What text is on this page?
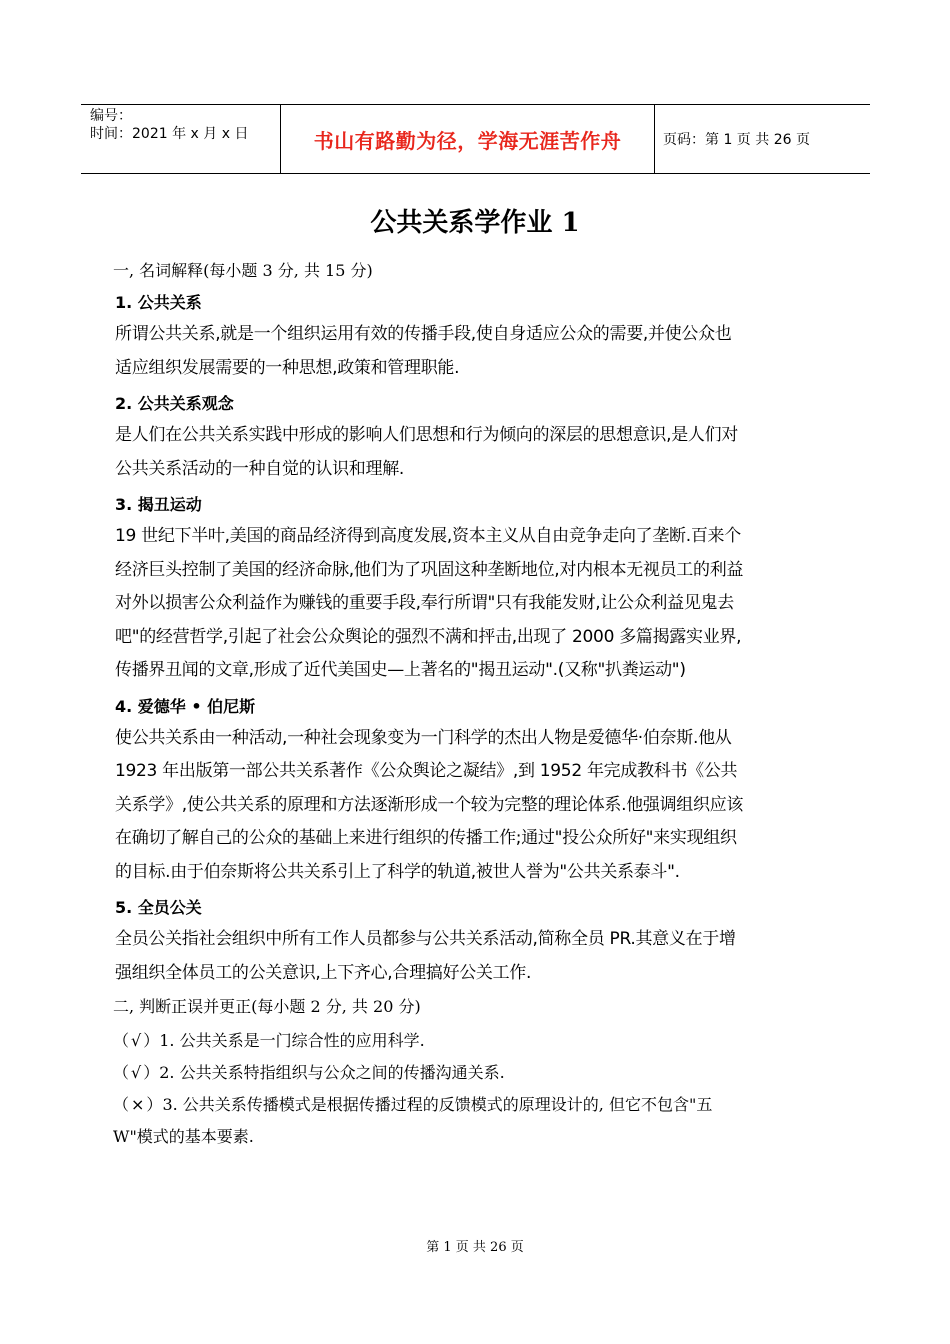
编号：
时间：2021 年 x 月 x 日	书山有路勤为径，学海无涯苦作舟	页码：第 1 页 共 26 页
公共关系学作业 1
一, 名词解释(每小题 3 分, 共 15 分)
1. 公共关系
所谓公共关系,就是一个组织运用有效的传播手段,使自身适应公众的需要,并使公众也
适应组织发展需要的一种思想,政策和管理职能.
2. 公共关系观念
是人们在公共关系实践中形成的影响人们思想和行为倾向的深层的思想意识,是人们对
公共关系活动的一种自觉的认识和理解.
3. 揭丑运动
19 世纪下半叶,美国的商品经济得到高度发展,资本主义从自由竞争走向了垄断.百来个
经济巨头控制了美国的经济命脉,他们为了巩固这种垄断地位,对内根本无视员工的利益
对外以损害公众利益作为赚钱的重要手段,奉行所谓"只有我能发财,让公众利益见鬼去
吧"的经营哲学,引起了社会公众舆论的强烈不满和抨击,出现了 2000 多篇揭露实业界,
传播界丑闻的文章,形成了近代美国史—上著名的"揭丑运动".(又称"扒粪运动")
4. 爱德华 • 伯尼斯
使公共关系由一种活动,一种社会现象变为一门科学的杰出人物是爱德华·伯奈斯.他从
1923 年出版第一部公共关系著作《公众舆论之凝结》,到 1952 年完成教科书《公共
关系学》,使公共关系的原理和方法逐渐形成一个较为完整的理论体系.他强调组织应该
在确切了解自己的公众的基础上来进行组织的传播工作;通过"投公众所好"来实现组织
的目标.由于伯奈斯将公共关系引上了科学的轨道,被世人誉为"公共关系泰斗".
5. 全员公关
全员公关指社会组织中所有工作人员都参与公共关系活动,简称全员 PR.其意义在于增
强组织全体员工的公关意识,上下齐心,合理搞好公关工作.
二, 判断正误并更正(每小题 2 分, 共 20 分)
（ √ ）1. 公共关系是一门综合性的应用科学.
（ √ ）2. 公共关系特指组织与公众之间的传播沟通关系.
（ × ）3. 公共关系传播模式是根据传播过程的反馈模式的原理设计的, 但它不包含"五
W"模式的基本要素.
第 1 页 共 26 页
